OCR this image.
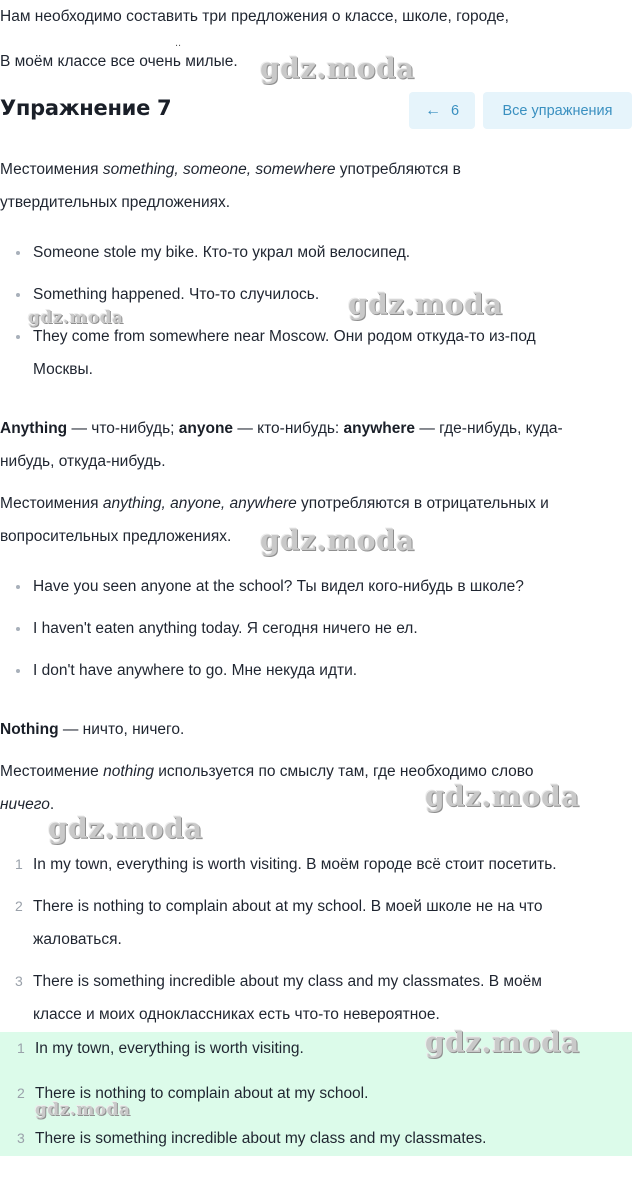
Нам необходимо составить три предложения о классе, школе, городе,
..
В моём классе все очень милые.
Упражнение 7	← 6	Все упражнения
Местоимения something, someone, somewhere употребляются в
утвердительных предложениях.
Someone stole my bike. Кто-то украл мой велосипед.
Something happened. Что-то случилось.
They come from somewhere near Moscow. Они родом откуда-то из-под
Москвы.
Anything — что-нибудь; anyone — кто-нибудь: anywhere — где-нибудь, куда-
нибудь, откуда-нибудь.
Местоимения anything, anyone, anywhere употребляются в отрицательных и
вопросительных предложениях.
Have you seen anyone at the school? Ты видел кого-нибудь в школе?
I haven't eaten anything today. Я сегодня ничего не ел.
I don't have anywhere to go. Мне некуда идти.
Nothing — ничто, ничего.
Местоимение nothing используется по смыслу там, где необходимо слово
ничего.
1 In my town, everything is worth visiting. В моём городе всё стоит посетить.
2 There is nothing to complain about at my school. В моей школе не на что
жаловаться.
3 There is something incredible about my class and my classmates. В моём
классе и моих одноклассниках есть что-то невероятное.
1 In my town, everything is worth visiting.
2 There is nothing to complain about at my school.
3 There is something incredible about my class and my classmates.
gdz.moda
gdz.moda
gdz.moda
gdz.moda
gdz.moda
gdz.moda
gdz.moda
gdz.moda
